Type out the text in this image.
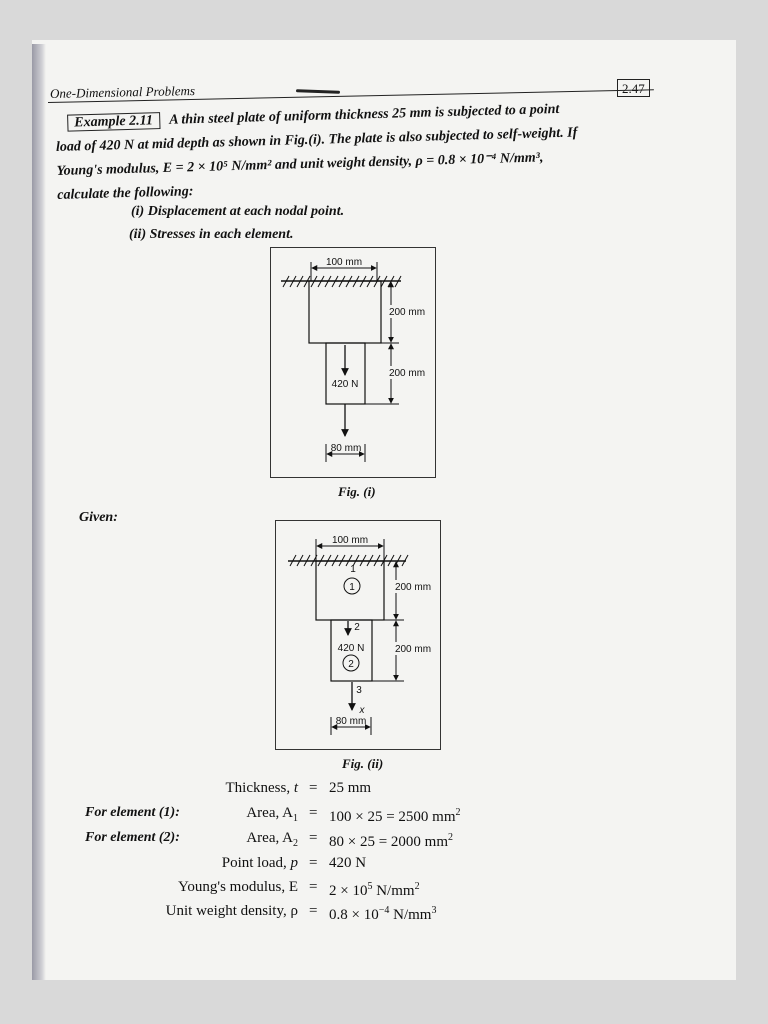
One-Dimensional Problems	2.47
Example 2.11 A thin steel plate of uniform thickness 25 mm is subjected to a point
load of 420 N at mid depth as shown in Fig.(i). The plate is also subjected to self-weight. If
Young's modulus, E = 2 × 10⁵ N/mm² and unit weight density, ρ = 0.8 × 10⁻⁴ N/mm³,
calculate the following:
(i) Displacement at each nodal point.
(ii) Stresses in each element.
100 mm
200 mm
200 mm
420 N
80 mm
Fig. (i)
Given:
100 mm
1
1
2
420 N
2
200 mm
200 mm
3
x
80 mm
Fig. (ii)
Thickness, t = 25 mm
For element (1):	Area, $A_1 = 100 \times 25 = 2500$ $mm^2$
For element (2):	Area, $A_2 = 80 \times 25 = 2000$ $mm^2$
Point load, p = 420 N
Young's modulus, $E = 2 \times 10^5$ $N/mm^2$
Unit weight density, $\rho = 0.8 \times 10^{-4}$ $N/mm^3$
